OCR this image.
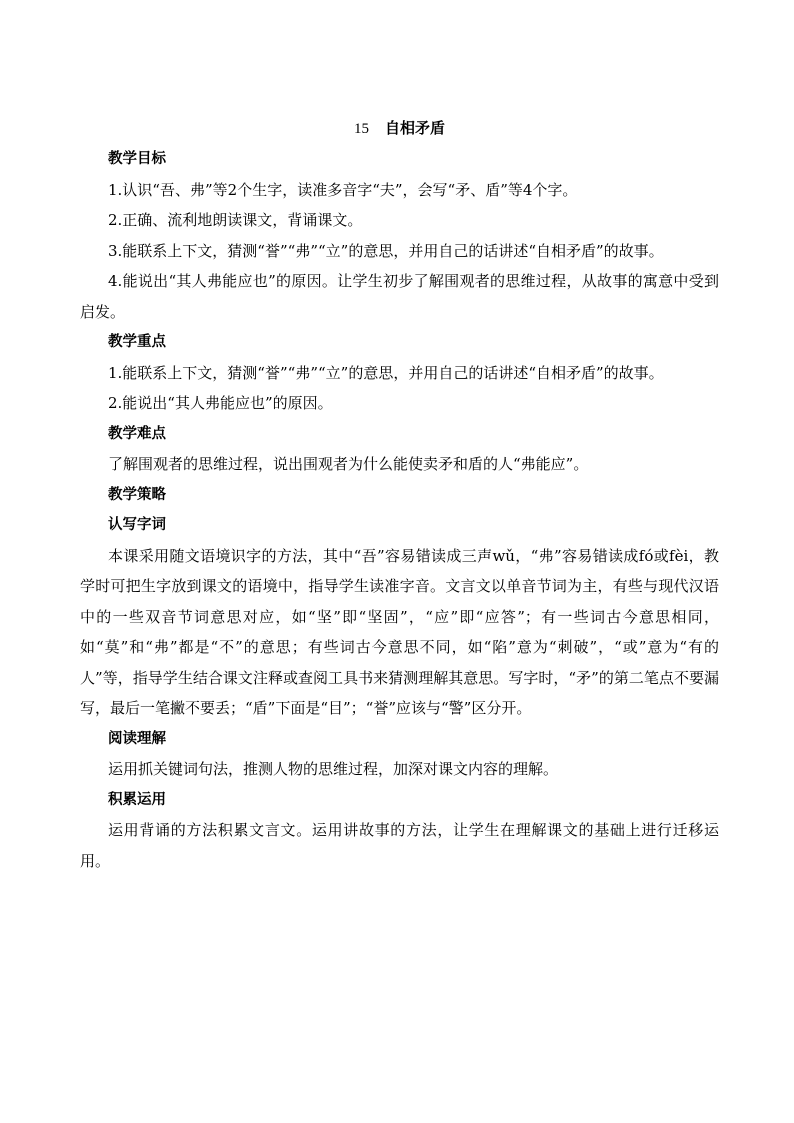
15 自相矛盾
教学目标

1.认识“吾、弗”等2个生字，读准多音字“夫”，会写“矛、盾”等4个字。

2.正确、流利地朗读课文，背诵课文。

3.能联系上下文，猜测“誉”“弗”“立”的意思，并用自己的话讲述“自相矛盾”的故事。

4.能说出“其人弗能应也”的原因。让学生初步了解围观者的思维过程，从故事的寓意中受到启发。

教学重点

1.能联系上下文，猜测“誉”“弗”“立”的意思，并用自己的话讲述“自相矛盾”的故事。

2.能说出“其人弗能应也”的原因。

教学难点

了解围观者的思维过程，说出围观者为什么能使卖矛和盾的人“弗能应”。

教学策略
认写字词

本课采用随文语境识字的方法，其中“吾”容易错读成三声wǔ，“弗”容易错读成fó或fèi，教学时可把生字放到课文的语境中，指导学生读准字音。文言文以单音节词为主，有些与现代汉语中的一些双音节词意思对应，如“坚”即“坚固”，“应”即“应答”；有一些词古今意思相同，如“莫”和“弗”都是“不”的意思；有些词古今意思不同，如“陷”意为“刺破”，“或”意为“有的人”等，指导学生结合课文注释或查阅工具书来猜测理解其意思。写字时，“矛”的第二笔点不要漏写，最后一笔撇不要丢；“盾”下面是“目”；“誉”应该与“警”区分开。

阅读理解

运用抓关键词句法，推测人物的思维过程，加深对课文内容的理解。

积累运用

运用背诵的方法积累文言文。运用讲故事的方法，让学生在理解课文的基础上进行迁移运用。
